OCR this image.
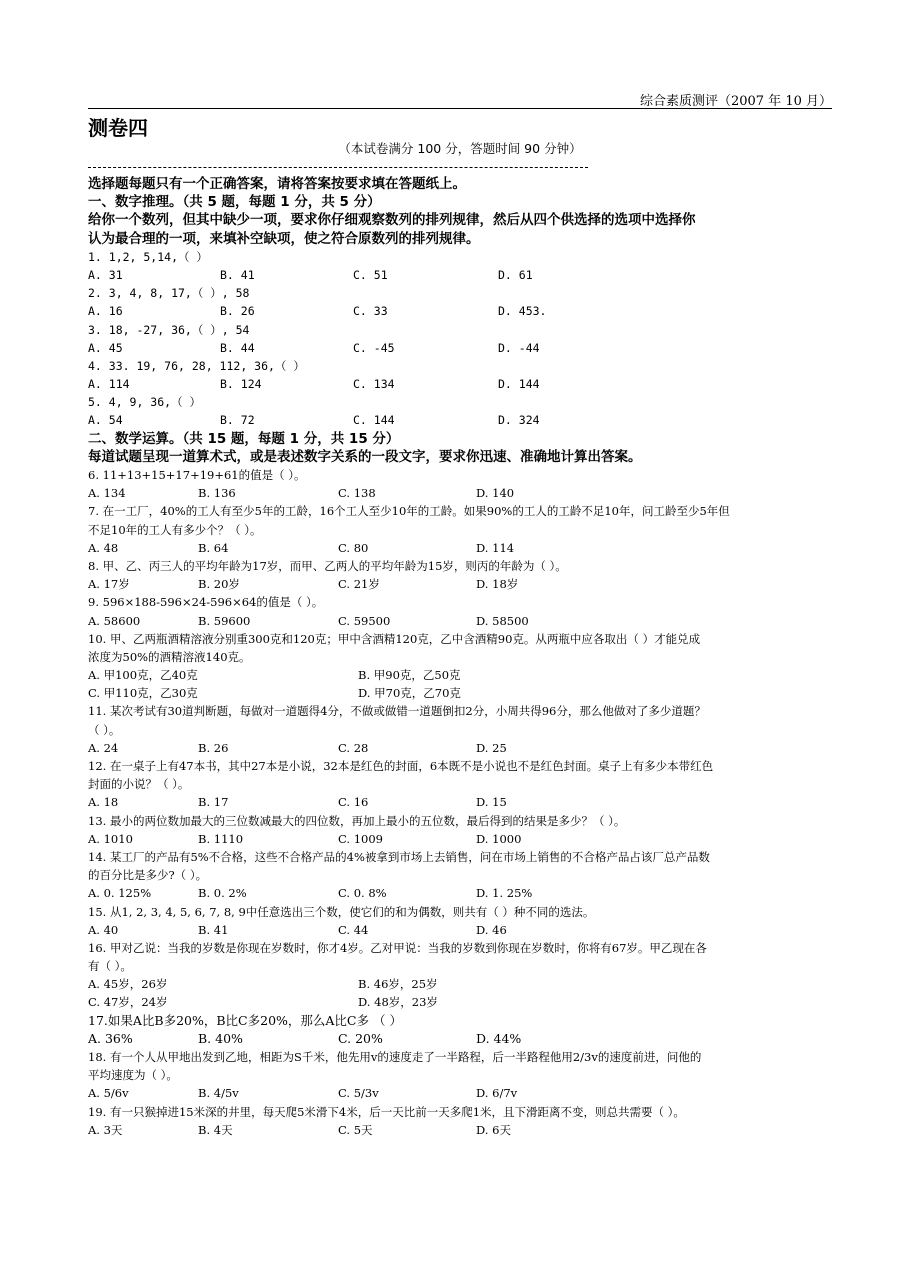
综合素质测评（2007 年 10 月）
测卷四
（本试卷满分 100 分，答题时间 90 分钟）
选择题每题只有一个正确答案，请将答案按要求填在答题纸上。
一、数字推理。（共 5 题，每题 1 分，共 5 分）
给你一个数列，但其中缺少一项，要求你仔细观察数列的排列规律，然后从四个供选择的选项中选择你
认为最合理的一项，来填补空缺项，使之符合原数列的排列规律。
1. 1,2, 5,14,（ ）
A. 31	B. 41	C. 51	D. 61
2. 3, 4, 8, 17,（ ）, 58
A. 16	B. 26	C. 33	D. 453.
3. 18, -27, 36,（ ）, 54
A. 45	B. 44	C. -45	D. -44
4. 33. 19, 76, 28, 112, 36,（ ）
A. 114	B. 124	C. 134	D. 144
5. 4, 9, 36,（ ）
A. 54	B. 72	C. 144	D. 324
二、数学运算。（共 15 题，每题 1 分，共 15 分）
每道试题呈现一道算术式，或是表述数字关系的一段文字，要求你迅速、准确地计算出答案。
6. 11+13+15+17+19+61的值是（ ）。
A. 134	B. 136	C. 138	D. 140
7. 在一工厂，40%的工人有至少5年的工龄，16个工人至少10年的工龄。如果90%的工人的工龄不足10年，问工龄至少5年但
不足10年的工人有多少个？（ ）。
A. 48	B. 64	C. 80	D. 114
8. 甲、乙、丙三人的平均年龄为17岁，而甲、乙两人的平均年龄为15岁，则丙的年龄为（ ）。
A. 17岁	B. 20岁	C. 21岁	D. 18岁
9. 596×188-596×24-596×64的值是（ ）。
A. 58600	B. 59600	C. 59500	D. 58500
10. 甲、乙两瓶酒精溶液分别重300克和120克；甲中含酒精120克，乙中含酒精90克。从两瓶中应各取出（ ）才能兑成
浓度为50%的酒精溶液140克。
A. 甲100克，乙40克	B. 甲90克，乙50克
C. 甲110克，乙30克	D. 甲70克，乙70克
11. 某次考试有30道判断题，每做对一道题得4分，不做或做错一道题倒扣2分，小周共得96分，那么他做对了多少道题？
（ ）。
A. 24	B. 26	C. 28	D. 25
12. 在一桌子上有47本书，其中27本是小说，32本是红色的封面，6本既不是小说也不是红色封面。桌子上有多少本带红色
封面的小说？（ ）。
A. 18	B. 17	C. 16	D. 15
13. 最小的两位数加最大的三位数减最大的四位数，再加上最小的五位数，最后得到的结果是多少？（ ）。
A. 1010	B. 1110	C. 1009	D. 1000
14. 某工厂的产品有5%不合格，这些不合格产品的4%被拿到市场上去销售，问在市场上销售的不合格产品占该厂总产品数
的百分比是多少?（ ）。
A. 0. 125%	B. 0. 2%	C. 0. 8%	D. 1. 25%
15. 从1, 2, 3, 4, 5, 6, 7, 8, 9中任意选出三个数，使它们的和为偶数，则共有（ ）种不同的选法。
A. 40	B. 41	C. 44	D. 46
16. 甲对乙说：当我的岁数是你现在岁数时，你才4岁。乙对甲说：当我的岁数到你现在岁数时，你将有67岁。甲乙现在各
有（ ）。
A. 45岁，26岁	B. 46岁，25岁
C. 47岁，24岁	D. 48岁，23岁
17.如果A比B多20%，B比C多20%，那么A比C多 （ ）
A. 36%	B. 40%	C. 20%	D. 44%
18. 有一个人从甲地出发到乙地，相距为S千米，他先用v的速度走了一半路程，后一半路程他用2/3v的速度前进，问他的
平均速度为（ ）。
A. 5/6v	B. 4/5v	C. 5/3v	D. 6/7v
19. 有一只猴掉进15米深的井里，每天爬5米滑下4米，后一天比前一天多爬1米，且下滑距离不变，则总共需要（ ）。
A. 3天	B. 4天	C. 5天	D. 6天
